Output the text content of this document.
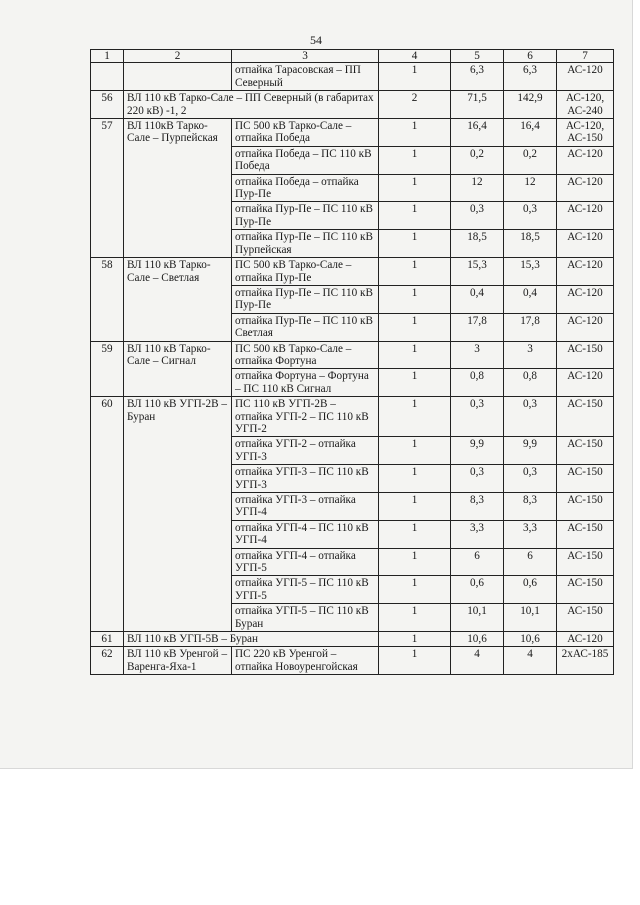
54
1	2	3	4	5	6	7
		отпайка Тарасовская – ПП Северный	1	6,3	6,3	АС-120
56	ВЛ 110 кВ Тарко-Сале – ПП Северный (в габаритах 220 кВ) -1, 2		2	71,5	142,9	АС-120, АС-240
57	ВЛ 110кВ Тарко-Сале – Пурпейская	ПС 500 кВ Тарко-Сале – отпайка Победа	1	16,4	16,4	АС-120, АС-150
		отпайка Победа – ПС 110 кВ Победа	1	0,2	0,2	АС-120
		отпайка Победа – отпайка Пур-Пе	1	12	12	АС-120
		отпайка Пур-Пе – ПС 110 кВ Пур-Пе	1	0,3	0,3	АС-120
		отпайка Пур-Пе – ПС 110 кВ Пурпейская	1	18,5	18,5	АС-120
58	ВЛ 110 кВ Тарко-Сале – Светлая	ПС 500 кВ Тарко-Сале – отпайка Пур-Пе	1	15,3	15,3	АС-120
		отпайка Пур-Пе – ПС 110 кВ Пур-Пе	1	0,4	0,4	АС-120
		отпайка Пур-Пе – ПС 110 кВ Светлая	1	17,8	17,8	АС-120
59	ВЛ 110 кВ Тарко-Сале – Сигнал	ПС 500 кВ Тарко-Сале – отпайка Фортуна	1	3	3	АС-150
		отпайка Фортуна – Фортуна – ПС 110 кВ Сигнал	1	0,8	0,8	АС-120
60	ВЛ 110 кВ УГП-2В – Буран	ПС 110 кВ УГП-2В – отпайка УГП-2 – ПС 110 кВ УГП-2	1	0,3	0,3	АС-150
		отпайка УГП-2 – отпайка УГП-3	1	9,9	9,9	АС-150
		отпайка УГП-3 – ПС 110 кВ УГП-3	1	0,3	0,3	АС-150
		отпайка УГП-3 – отпайка УГП-4	1	8,3	8,3	АС-150
		отпайка УГП-4 – ПС 110 кВ УГП-4	1	3,3	3,3	АС-150
		отпайка УГП-4 – отпайка УГП-5	1	6	6	АС-150
		отпайка УГП-5 – ПС 110 кВ УГП-5	1	0,6	0,6	АС-150
		отпайка УГП-5 – ПС 110 кВ Буран	1	10,1	10,1	АС-150
61	ВЛ 110 кВ УГП-5В – Буран		1	10,6	10,6	АС-120
62	ВЛ 110 кВ Уренгой – Варенга-Яха-1	ПС 220 кВ Уренгой – отпайка Новоуренгойская	1	4	4	2хАС-185
